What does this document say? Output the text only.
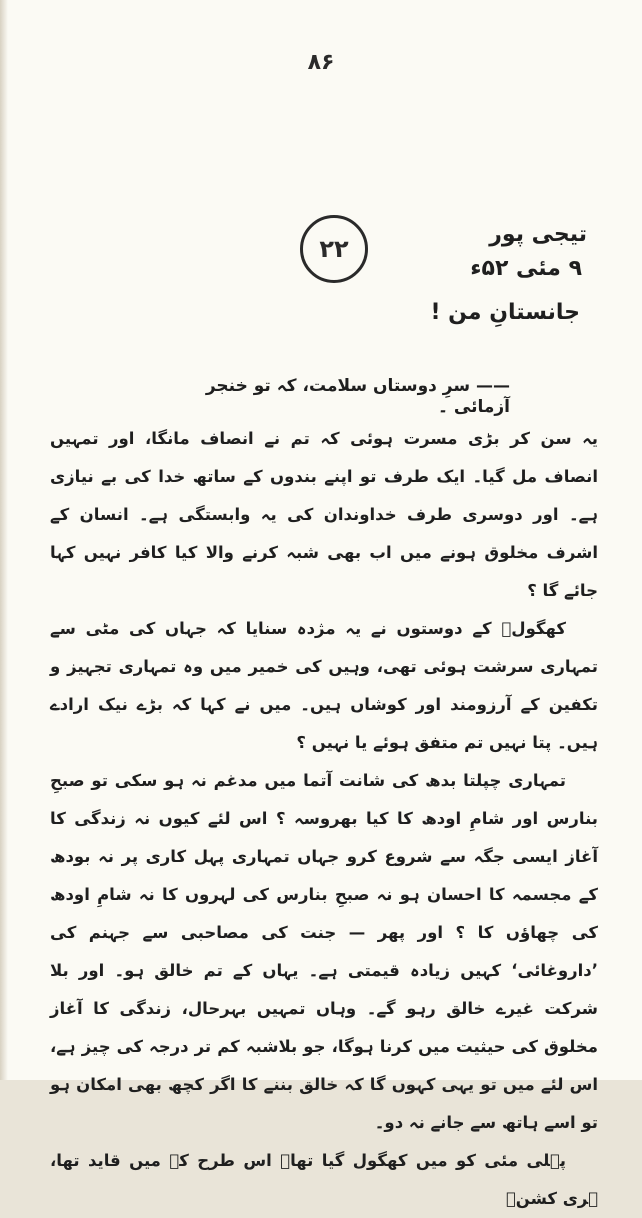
۸۶
۲۲
تیجی پور
۹ مئی ۵۲ء
جانستانِ من !
—— سرِ دوستاں سلامت، کہ تو خنجر آزمائی ۔

یہ سن کر بڑی مسرت ہوئی کہ تم نے انصاف مانگا، اور تمہیں انصاف مل گیا۔ ایک طرف تو اپنے بندوں کے ساتھ خدا کی بے نیازی ہے۔ اور دوسری طرف خداوندان کی یہ وابستگی ہے۔ انسان کے اشرف مخلوق ہونے میں اب بھی شبہ کرنے والا کیا کافر نہیں کہا جائے گا ؟

کھگولؔ کے دوستوں نے یہ مژدہ سنایا کہ جہاں کی مٹی سے تمہاری سرشت ہوئی تھی، وہیں کی خمیر میں وہ تمہاری تجہیز و تکفین کے آرزومند اور کوشاں ہیں۔ میں نے کہا کہ بڑے نیک ارادے ہیں۔ پتا نہیں تم متفق ہوئے یا نہیں ؟

تمہاری چپلتا بدھ کی شانت آتما میں مدغم نہ ہو سکی تو صبحِ بنارس اور شامِ اودھ کا کیا بھروسہ ؟ اس لئے کیوں نہ زندگی کا آغاز ایسی جگہ سے شروع کرو جہاں تمہاری پہل کاری پر نہ بودھ کے مجسمہ کا احسان ہو نہ صبحِ بنارس کی لہروں کا نہ شامِ اودھ کی چھاؤں کا ؟ اور پھر — جنت کی مصاحبی سے جہنم کی ’داروغائی‘ کہیں زیادہ قیمتی ہے۔ یہاں کے تم خالق ہو۔ اور بلا شرکت غیرے خالق رہو گے۔ وہاں تمہیں بہرحال، زندگی کا آغاز مخلوق کی حیثیت میں کرنا ہوگا، جو بلاشبہ کم تر درجہ کی چیز ہے، اس لئے میں تو یہی کہوں گا کہ خالق بننے کا اگر کچھ بھی امکان ہو تو اسے ہاتھ سے جانے نہ دو۔

پہلی مئی کو میں کھگول گیا تھا۔ اس طرح کہ میں قاید تھا، ہری کشنؔ
